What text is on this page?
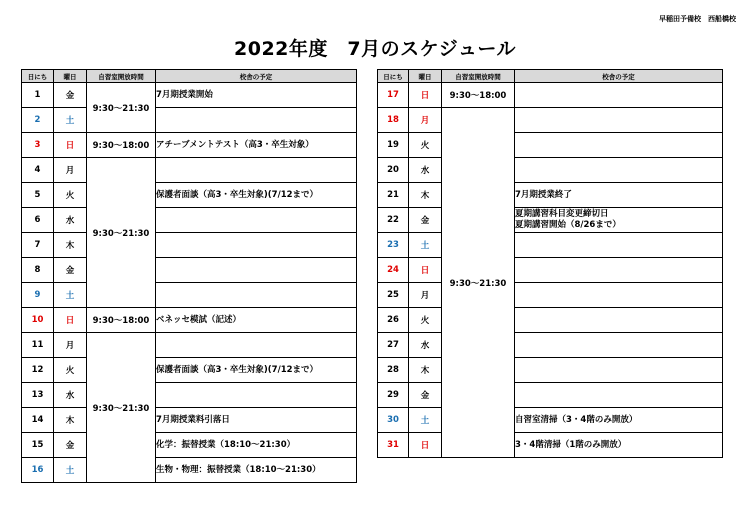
早稲田予備校　西船橋校
2022年度　7月のスケジュール
日にち	曜日	自習室開放時間	校舎の予定
1	金	9:30～21:30	7月期授業開始

2	土		

3	日	9:30～18:00	アチーブメントテスト（高3・卒生対象）

4	月	9:30～21:30	

5	火		保護者面談（高3・卒生対象)(7/12まで）

6	水		

7	木		

8	金		

9	土		

10	日	9:30～18:00	ベネッセ模試（記述）

11	月	9:30～21:30	

12	火		保護者面談（高3・卒生対象)(7/12まで）

13	水		

14	木		7月期授業料引落日

15	金		化学：振替授業（18:10～21:30）

16	土		生物・物理：振替授業（18:10～21:30）
日にち	曜日	自習室開放時間	校舎の予定
17	日	9:30～18:00	

18	月	9:30～21:30	

19	火		

20	水		

21	木		7月期授業終了

22	金		夏期講習科目変更締切日
夏期講習開始（8/26まで）

23	土		

24	日		

25	月		

26	火		

27	水		

28	木		

29	金		

30	土		自習室清掃（3・4階のみ開放）

31	日		3・4階清掃（1階のみ開放）
